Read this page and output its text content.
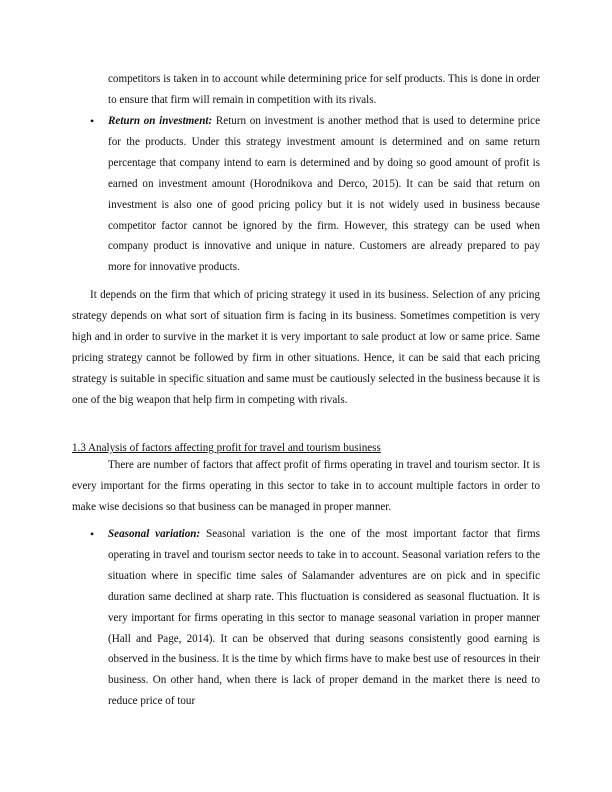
competitors is taken in to account while determining price for self products. This is done in order to ensure that firm will remain in competition with its rivals.
•	Return on investment: Return on investment is another method that is used to determine price for the products. Under this strategy investment amount is determined and on same return percentage that company intend to earn is determined and by doing so good amount of profit is earned on investment amount (Horodnikova and Derco, 2015). It can be said that return on investment is also one of good pricing policy but it is not widely used in business because competitor factor cannot be ignored by the firm. However, this strategy can be used when company product is innovative and unique in nature. Customers are already prepared to pay more for innovative products.
It depends on the firm that which of pricing strategy it used in its business. Selection of any pricing strategy depends on what sort of situation firm is facing in its business. Sometimes competition is very high and in order to survive in the market it is very important to sale product at low or same price. Same pricing strategy cannot be followed by firm in other situations. Hence, it can be said that each pricing strategy is suitable in specific situation and same must be cautiously selected in the business because it is one of the big weapon that help firm in competing with rivals.
1.3 Analysis of factors affecting profit for travel and tourism business
There are number of factors that affect profit of firms operating in travel and tourism sector. It is every important for the firms operating in this sector to take in to account multiple factors in order to make wise decisions so that business can be managed in proper manner.
•	Seasonal variation: Seasonal variation is the one of the most important factor that firms operating in travel and tourism sector needs to take in to account. Seasonal variation refers to the situation where in specific time sales of Salamander adventures are on pick and in specific duration same declined at sharp rate. This fluctuation is considered as seasonal fluctuation. It is very important for firms operating in this sector to manage seasonal variation in proper manner (Hall and Page, 2014). It can be observed that during seasons consistently good earning is observed in the business. It is the time by which firms have to make best use of resources in their business. On other hand, when there is lack of proper demand in the market there is need to reduce price of tour
